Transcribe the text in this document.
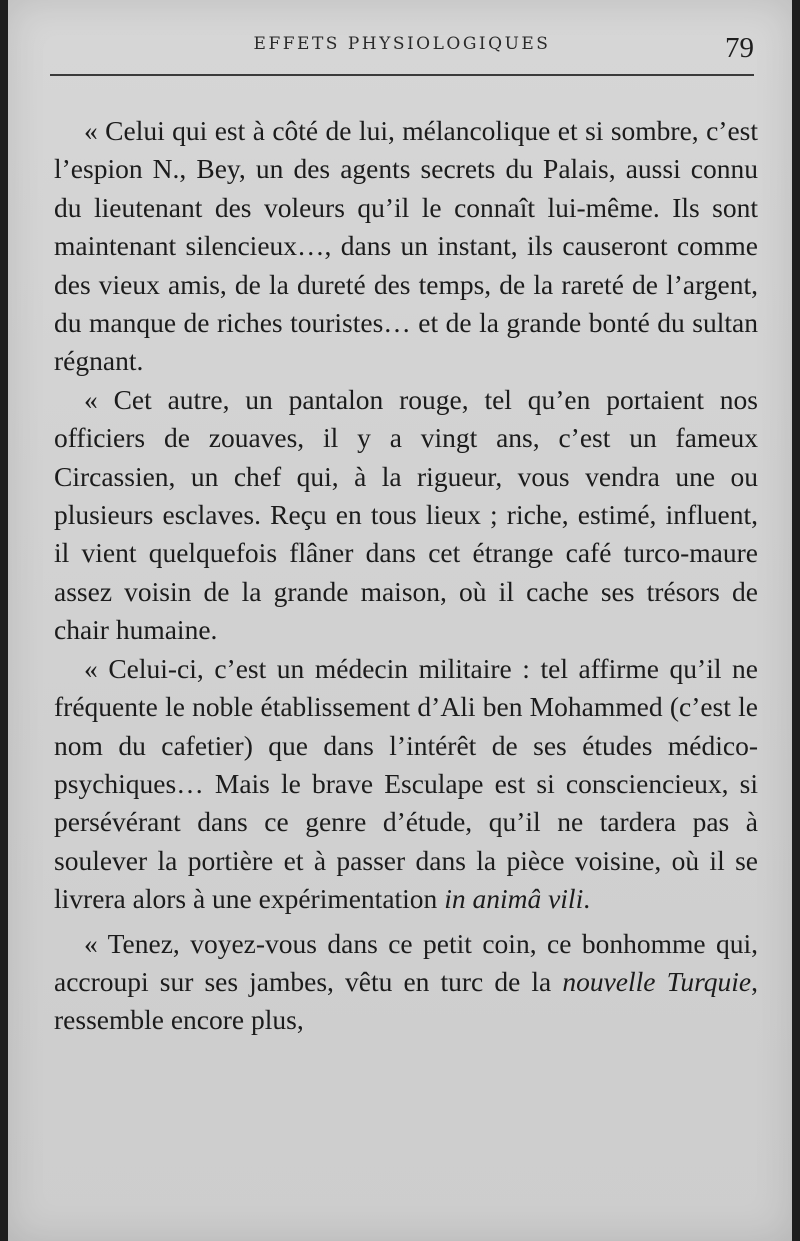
EFFETS PHYSIOLOGIQUES	79

« Celui qui est à côté de lui, mélancolique et si sombre, c’est l’espion N., Bey, un des agents secrets du Palais, aussi connu du lieutenant des voleurs qu’il le connaît lui-même. Ils sont maintenant silencieux…, dans un instant, ils causeront comme des vieux amis, de la dureté des temps, de la rareté de l’argent, du manque de riches touristes… et de la grande bonté du sultan régnant.

« Cet autre, un pantalon rouge, tel qu’en portaient nos officiers de zouaves, il y a vingt ans, c’est un fameux Circassien, un chef qui, à la rigueur, vous vendra une ou plusieurs esclaves. Reçu en tous lieux ; riche, estimé, influent, il vient quelquefois flâner dans cet étrange café turco-maure assez voisin de la grande maison, où il cache ses trésors de chair humaine.

« Celui-ci, c’est un médecin militaire : tel affirme qu’il ne fréquente le noble établissement d’Ali ben Mohammed (c’est le nom du cafetier) que dans l’intérêt de ses études médico-psychiques… Mais le brave Esculape est si consciencieux, si persévérant dans ce genre d’étude, qu’il ne tardera pas à soulever la portière et à passer dans la pièce voisine, où il se livrera alors à une expérimentation in animâ vili.

« Tenez, voyez-vous dans ce petit coin, ce bonhomme qui, accroupi sur ses jambes, vêtu en turc de la nouvelle Turquie, ressemble encore plus,
